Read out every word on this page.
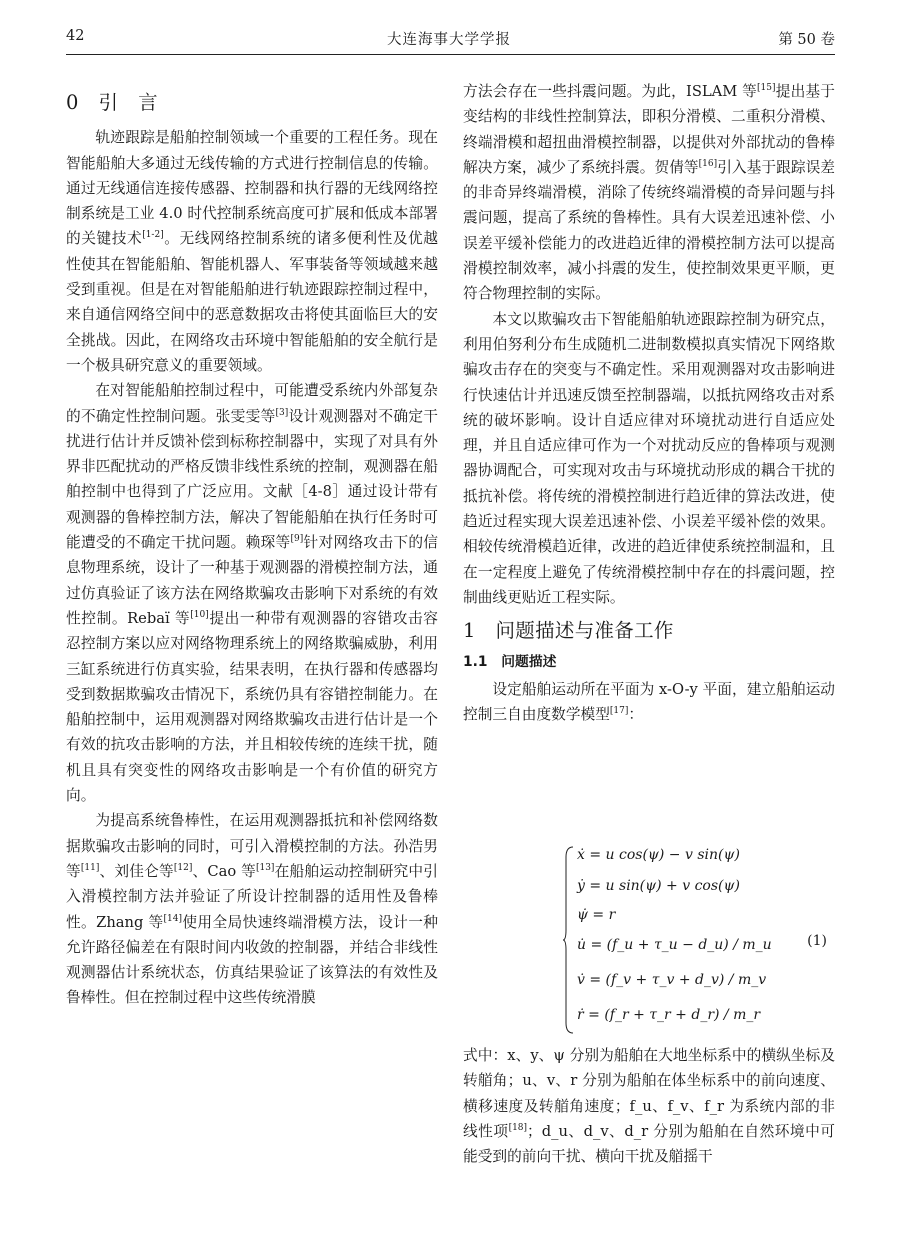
42	大连海事大学学报	第 50 卷
0　引　言

轨迹跟踪是船舶控制领域一个重要的工程任务。现在智能船舶大多通过无线传输的方式进行控制信息的传输。通过无线通信连接传感器、控制器和执行器的无线网络控制系统是工业 4.0 时代控制系统高度可扩展和低成本部署的关键技术[1-2]。无线网络控制系统的诸多便利性及优越性使其在智能船舶、智能机器人、军事装备等领域越来越受到重视。但是在对智能船舶进行轨迹跟踪控制过程中，来自通信网络空间中的恶意数据攻击将使其面临巨大的安全挑战。因此，在网络攻击环境中智能船舶的安全航行是一个极具研究意义的重要领域。

在对智能船舶控制过程中，可能遭受系统内外部复杂的不确定性控制问题。张雯雯等[3]设计观测器对不确定干扰进行估计并反馈补偿到标称控制器中，实现了对具有外界非匹配扰动的严格反馈非线性系统的控制，观测器在船舶控制中也得到了广泛应用。文献［4-8］通过设计带有观测器的鲁棒控制方法，解决了智能船舶在执行任务时可能遭受的不确定干扰问题。赖琛等[9]针对网络攻击下的信息物理系统，设计了一种基于观测器的滑模控制方法，通过仿真验证了该方法在网络欺骗攻击影响下对系统的有效性控制。Rebaï 等[10]提出一种带有观测器的容错攻击容忍控制方案以应对网络物理系统上的网络欺骗威胁，利用三缸系统进行仿真实验，结果表明，在执行器和传感器均受到数据欺骗攻击情况下，系统仍具有容错控制能力。在船舶控制中，运用观测器对网络欺骗攻击进行估计是一个有效的抗攻击影响的方法，并且相较传统的连续干扰，随机且具有突变性的网络攻击影响是一个有价值的研究方向。

为提高系统鲁棒性，在运用观测器抵抗和补偿网络数据欺骗攻击影响的同时，可引入滑模控制的方法。孙浩男等[11]、刘佳仑等[12]、Cao 等[13]在船舶运动控制研究中引入滑模控制方法并验证了所设计控制器的适用性及鲁棒性。Zhang 等[14]使用全局快速终端滑模方法，设计一种允许路径偏差在有限时间内收敛的控制器，并结合非线性观测器估计系统状态，仿真结果验证了该算法的有效性及鲁棒性。但在控制过程中这些传统滑膜

方法会存在一些抖震问题。为此，ISLAM 等[15]提出基于变结构的非线性控制算法，即积分滑模、二重积分滑模、终端滑模和超扭曲滑模控制器，以提供对外部扰动的鲁棒解决方案，减少了系统抖震。贺倩等[16]引入基于跟踪误差的非奇异终端滑模，消除了传统终端滑模的奇异问题与抖震问题，提高了系统的鲁棒性。具有大误差迅速补偿、小误差平缓补偿能力的改进趋近律的滑模控制方法可以提高滑模控制效率，减小抖震的发生，使控制效果更平顺，更符合物理控制的实际。

本文以欺骗攻击下智能船舶轨迹跟踪控制为研究点，利用伯努利分布生成随机二进制数模拟真实情况下网络欺骗攻击存在的突变与不确定性。采用观测器对攻击影响进行快速估计并迅速反馈至控制器端，以抵抗网络攻击对系统的破坏影响。设计自适应律对环境扰动进行自适应处理，并且自适应律可作为一个对扰动反应的鲁棒项与观测器协调配合，可实现对攻击与环境扰动形成的耦合干扰的抵抗补偿。将传统的滑模控制进行趋近律的算法改进，使趋近过程实现大误差迅速补偿、小误差平缓补偿的效果。相较传统滑模趋近律，改进的趋近律使系统控制温和，且在一定程度上避免了传统滑模控制中存在的抖震问题，控制曲线更贴近工程实际。

1　问题描述与准备工作
1.1　问题描述

设定船舶运动所在平面为 x-O-y 平面，建立船舶运动控制三自由度数学模型[17]：

ẋ = u cos(ψ) − v sin(ψ)
ẏ = u sin(ψ) + v cos(ψ)
ψ̇ = r
u̇ = (f_u + τ_u − d_u) / m_u
v̇ = (f_v + τ_v + d_v) / m_v
ṙ = (f_r + τ_r + d_r) / m_r
(1)

式中：x、y、ψ 分别为船舶在大地坐标系中的横纵坐标及转艏角；u、v、r 分别为船舶在体坐标系中的前向速度、横移速度及转艏角速度；f_u、f_v、f_r 为系统内部的非线性项[18]；d_u、d_v、d_r 分别为船舶在自然环境中可能受到的前向干扰、横向干扰及艏摇干
